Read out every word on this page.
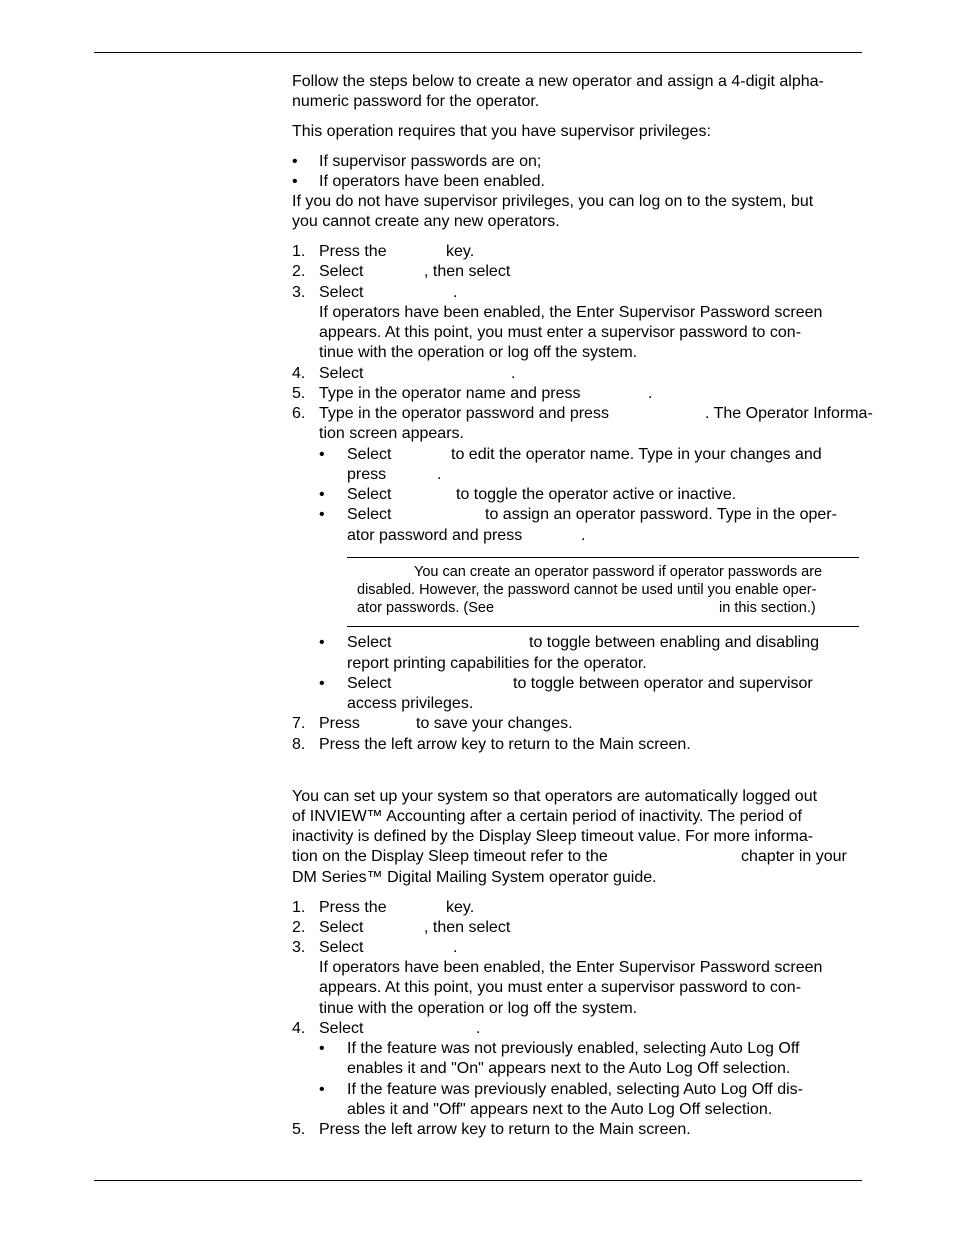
Follow the steps below to create a new operator and assign a 4-digit alpha-
numeric password for the operator.
This operation requires that you have supervisor privileges:
• If supervisor passwords are on;
• If operators have been enabled.
If you do not have supervisor privileges, you can log on to the system, but
you cannot create any new operators.
1. Press the	key.
2. Select	, then select
3. Select	.
If operators have been enabled, the Enter Supervisor Password screen
appears. At this point, you must enter a supervisor password to con-
tinue with the operation or log off the system.
4. Select	.
5. Type in the operator name and press	.
6. Type in the operator password and press	. The Operator Informa-
tion screen appears.
• Select	to edit the operator name. Type in your changes and
press	.
• Select	to toggle the operator active or inactive.
• Select	to assign an operator password. Type in the oper-
ator password and press	.
You can create an operator password if operator passwords are
disabled. However, the password cannot be used until you enable oper-
ator passwords. (See	in this section.)
• Select	to toggle between enabling and disabling
report printing capabilities for the operator.
• Select	to toggle between operator and supervisor
access privileges.
7. Press	to save your changes.
8. Press the left arrow key to return to the Main screen.
You can set up your system so that operators are automatically logged out
of INVIEW™ Accounting after a certain period of inactivity. The period of
inactivity is defined by the Display Sleep timeout value. For more informa-
tion on the Display Sleep timeout refer to the	chapter in your
DM Series™ Digital Mailing System operator guide.
1. Press the	key.
2. Select	, then select
3. Select	.
If operators have been enabled, the Enter Supervisor Password screen
appears. At this point, you must enter a supervisor password to con-
tinue with the operation or log off the system.
4. Select	.
• If the feature was not previously enabled, selecting Auto Log Off
enables it and "On" appears next to the Auto Log Off selection.
• If the feature was previously enabled, selecting Auto Log Off dis-
ables it and "Off" appears next to the Auto Log Off selection.
5. Press the left arrow key to return to the Main screen.
